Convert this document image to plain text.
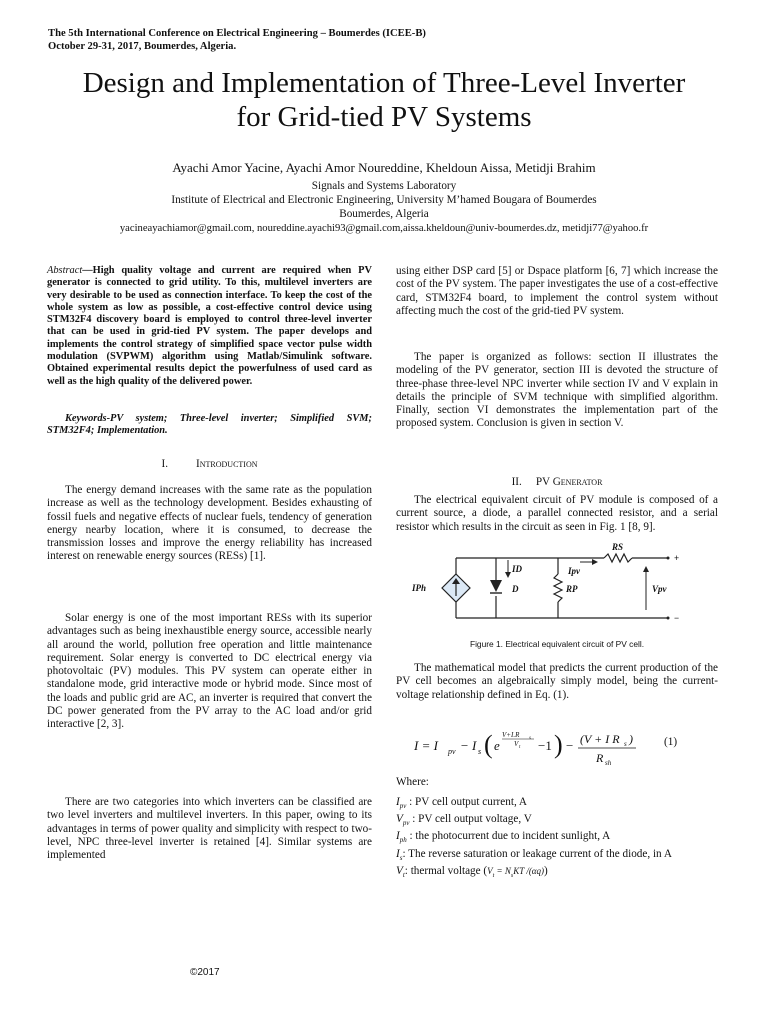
The 5th International Conference on Electrical Engineering – Boumerdes (ICEE-B)
October 29-31, 2017, Boumerdes, Algeria.
Design and Implementation of Three-Level Inverter
for Grid-tied PV Systems
Ayachi Amor Yacine, Ayachi Amor Noureddine, Kheldoun Aissa, Metidji Brahim
Signals and Systems Laboratory
Institute of Electrical and Electronic Engineering, University M’hamed Bougara of Boumerdes
Boumerdes, Algeria
yacineayachiamor@gmail.com, noureddine.ayachi93@gmail.com,aissa.kheldoun@univ-boumerdes.dz, metidji77@yahoo.fr
Abstract—High quality voltage and current are required when PV generator is connected to grid utility. To this, multilevel inverters are very desirable to be used as connection interface. To keep the cost of the whole system as low as possible, a cost-effective control device using STM32F4 discovery board is employed to control three-level inverter that can be used in grid-tied PV system. The paper develops and implements the control strategy of simplified space vector pulse width modulation (SVPWM) algorithm using Matlab/Simulink software. Obtained experimental results depict the powerfulness of used card as well as the high quality of the delivered power.
Keywords-PV system; Three-level inverter; Simplified SVM; STM32F4; Implementation.
I.	Introduction

The energy demand increases with the same rate as the population increase as well as the technology development. Besides exhausting of fossil fuels and negative effects of nuclear fuels, tendency of generation energy nearby location, where it is consumed, to decrease the transmission losses and improve the energy reliability has increased interest on renewable energy sources (RESs) [1].

Solar energy is one of the most important RESs with its superior advantages such as being inexhaustible energy source, accessible nearly all around the world, pollution free operation and little maintenance requirement. Solar energy is converted to DC electrical energy via photovoltaic (PV) modules. This PV system can operate either in standalone mode, grid interactive mode or hybrid mode. Since most of the loads and public grid are AC, an inverter is required that convert the DC power generated from the PV array to the AC load and/or grid interactive [2, 3].

There are two categories into which inverters can be classified are two level inverters and multilevel inverters. In this paper, owing to its advantages in terms of power quality and simplicity with respect to two-level, NPC three-level inverter is retained [4]. Similar systems are implemented

using either DSP card [5] or Dspace platform [6, 7] which increase the cost of the PV system. The paper investigates the use of a cost-effective card, STM32F4 board, to implement the control system without affecting much the cost of the grid-tied PV system.

The paper is organized as follows: section II illustrates the modeling of the PV generator, section III is devoted the structure of three-phase three-level NPC inverter while section IV and V explain in details the principle of SVM technique with simplified algorithm. Finally, section VI demonstrates the implementation part of the proposed system. Conclusion is given in section V.

II. PV Generator

The electrical equivalent circuit of PV module is composed of a current source, a diode, a parallel connected resistor, and a serial resistor which results in the circuit as seen in Fig. 1 [8, 9].

IPh
ID
D
Ipv
RP
RS
Vpv
+
−
Figure 1. Electrical equivalent circuit of PV cell.

The mathematical model that predicts the current production of the PV cell becomes an algebraically simply model, being the current-voltage relationship defined in Eq. (1).

I = I pv − I s ( e
V+I.R s
V t −1 ) − (V + I R s )
R sh
(1)
Where:
$I_{pv}$ : PV cell output current, A
$V_{pv}$ : PV cell output voltage, V
$I_{ph}$ : the photocurrent due to incident sunlight, A
$I_s$: The reverse saturation or leakage current of the diode, in A
$V_t$: thermal voltage ($V_t = N_sKT$ /(αq))
©2017
